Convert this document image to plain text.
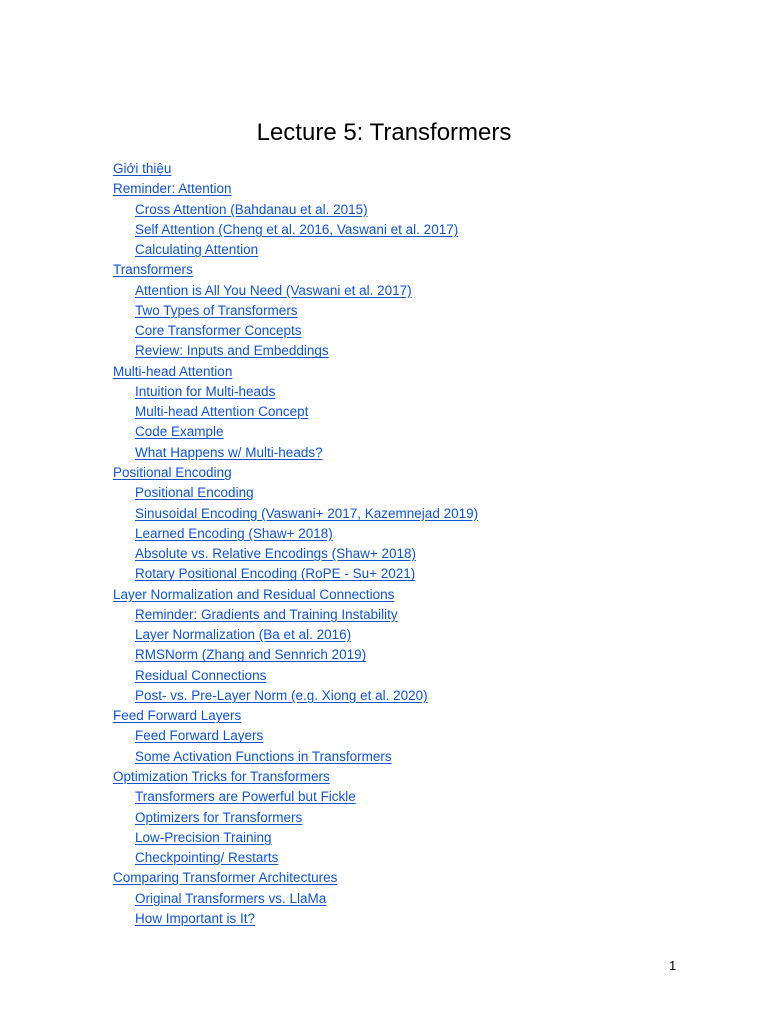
Lecture 5: Transformers
Giới thiệu
Reminder: Attention
Cross Attention (Bahdanau et al. 2015)
Self Attention (Cheng et al. 2016, Vaswani et al. 2017)
Calculating Attention
Transformers
Attention is All You Need (Vaswani et al. 2017)
Two Types of Transformers
Core Transformer Concepts
Review: Inputs and Embeddings
Multi-head Attention
Intuition for Multi-heads
Multi-head Attention Concept
Code Example
What Happens w/ Multi-heads?
Positional Encoding
Positional Encoding
Sinusoidal Encoding (Vaswani+ 2017, Kazemnejad 2019)
Learned Encoding (Shaw+ 2018)
Absolute vs. Relative Encodings (Shaw+ 2018)
Rotary Positional Encoding (RoPE - Su+ 2021)
Layer Normalization and Residual Connections
Reminder: Gradients and Training Instability
Layer Normalization (Ba et al. 2016)
RMSNorm (Zhang and Sennrich 2019)
Residual Connections
Post- vs. Pre-Layer Norm (e.g. Xiong et al. 2020)
Feed Forward Layers
Feed Forward Layers
Some Activation Functions in Transformers
Optimization Tricks for Transformers
Transformers are Powerful but Fickle
Optimizers for Transformers
Low-Precision Training
Checkpointing/ Restarts
Comparing Transformer Architectures
Original Transformers vs. LlaMa
How Important is It?
1
